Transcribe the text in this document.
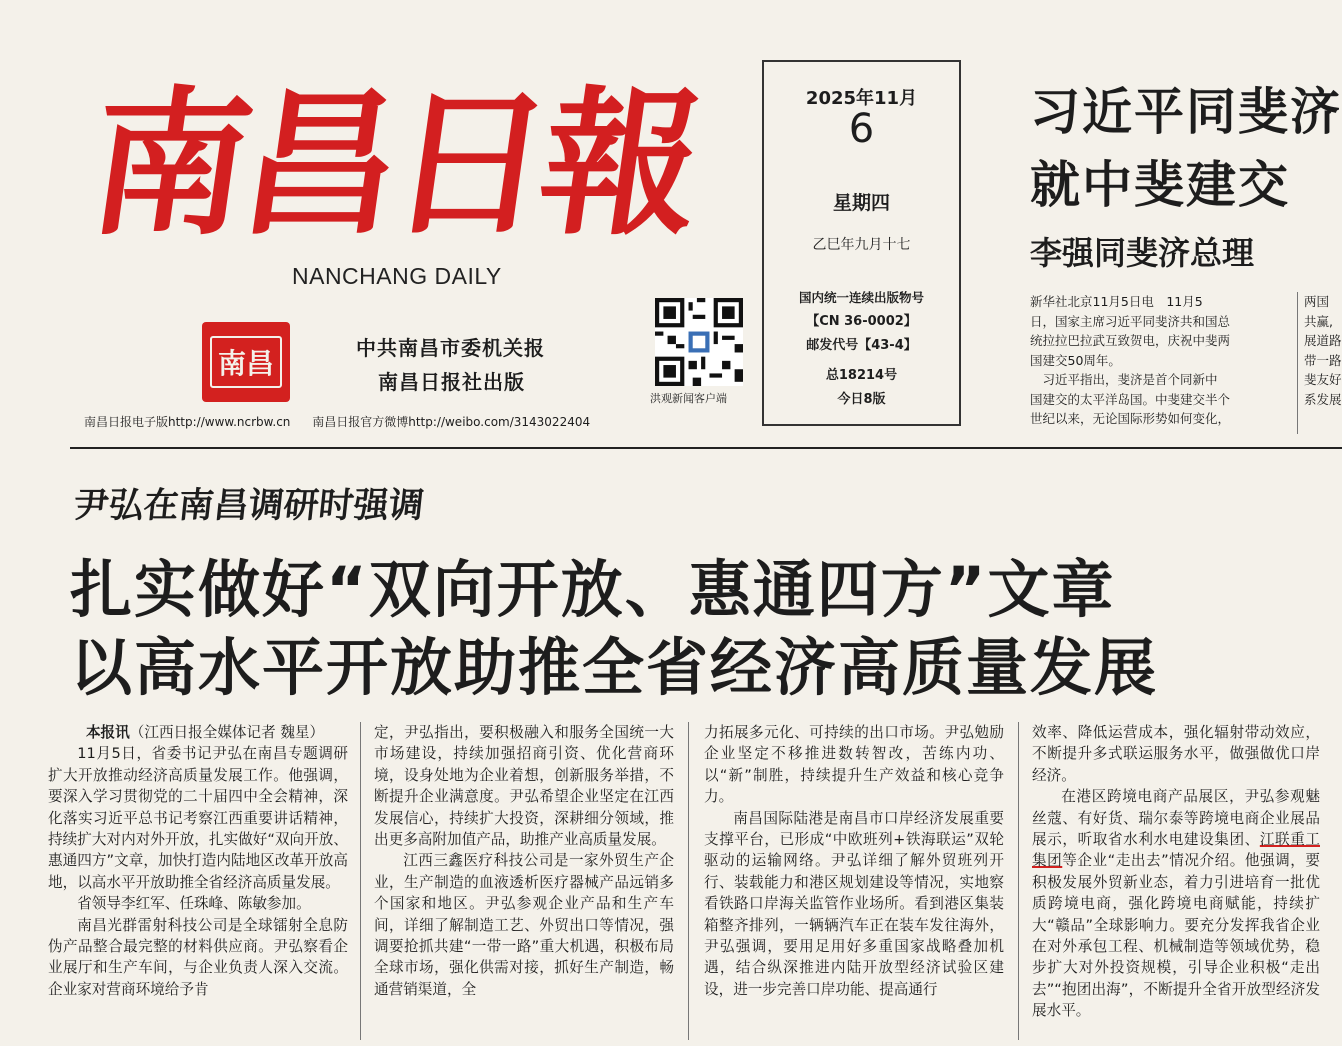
南昌日報
NANCHANG DAILY
南昌	中共南昌市委机关报
南昌日报社出版
洪观新闻客户端
南昌日报电子版http://www.ncrbw.cn 南昌日报官方微博http://weibo.com/3143022404
2025年11月
6
星期四
乙巳年九月十七
国内统一连续出版物号
【CN 36-0002】
邮发代号【43-4】
总18214号
今日8版
习近平同斐济
就中斐建交
李强同斐济总理
新华社北京11月5日电　11月5
日，国家主席习近平同斐济共和国总
统拉拉巴拉武互致贺电，庆祝中斐两
国建交50周年。
　习近平指出，斐济是首个同新中
国建交的太平洋岛国。中斐建交半个
世纪以来，无论国际形势如何变化，
两国
共赢,
展道路
带一路
斐友好
系发展
尹弘在南昌调研时强调
扎实做好“双向开放、惠通四方”文章
以高水平开放助推全省经济高质量发展

本报讯（江西日报全媒体记者 魏星）

11月5日，省委书记尹弘在南昌专题调研扩大开放推动经济高质量发展工作。他强调，要深入学习贯彻党的二十届四中全会精神，深化落实习近平总书记考察江西重要讲话精神，持续扩大对内对外开放，扎实做好“双向开放、惠通四方”文章，加快打造内陆地区改革开放高地，以高水平开放助推全省经济高质量发展。

省领导李红军、任珠峰、陈敏参加。

南昌光群雷射科技公司是全球镭射全息防伪产品整合最完整的材料供应商。尹弘察看企业展厅和生产车间，与企业负责人深入交流。企业家对营商环境给予肯

定，尹弘指出，要积极融入和服务全国统一大市场建设，持续加强招商引资、优化营商环境，设身处地为企业着想，创新服务举措，不断提升企业满意度。尹弘希望企业坚定在江西发展信心，持续扩大投资，深耕细分领域，推出更多高附加值产品，助推产业高质量发展。

江西三鑫医疗科技公司是一家外贸生产企业，生产制造的血液透析医疗器械产品远销多个国家和地区。尹弘参观企业产品和生产车间，详细了解制造工艺、外贸出口等情况，强调要抢抓共建“一带一路”重大机遇，积极布局全球市场，强化供需对接，抓好生产制造，畅通营销渠道，全

力拓展多元化、可持续的出口市场。尹弘勉励企业坚定不移推进数转智改，苦练内功、以“新”制胜，持续提升生产效益和核心竞争力。

南昌国际陆港是南昌市口岸经济发展重要支撑平台，已形成“中欧班列+铁海联运”双轮驱动的运输网络。尹弘详细了解外贸班列开行、装载能力和港区规划建设等情况，实地察看铁路口岸海关监管作业场所。看到港区集装箱整齐排列，一辆辆汽车正在装车发往海外，尹弘强调，要用足用好多重国家战略叠加机遇，结合纵深推进内陆开放型经济试验区建设，进一步完善口岸功能、提高通行

效率、降低运营成本，强化辐射带动效应，不断提升多式联运服务水平，做强做优口岸经济。

在港区跨境电商产品展区，尹弘参观魅丝蔻、有好货、瑞尔泰等跨境电商企业展品展示，听取省水利水电建设集团、江联重工集团等企业“走出去”情况介绍。他强调，要积极发展外贸新业态，着力引进培育一批优质跨境电商，强化跨境电商赋能，持续扩大“赣品”全球影响力。要充分发挥我省企业在对外承包工程、机械制造等领域优势，稳步扩大对外投资规模，引导企业积极“走出去”“抱团出海”，不断提升全省开放型经济发展水平。
